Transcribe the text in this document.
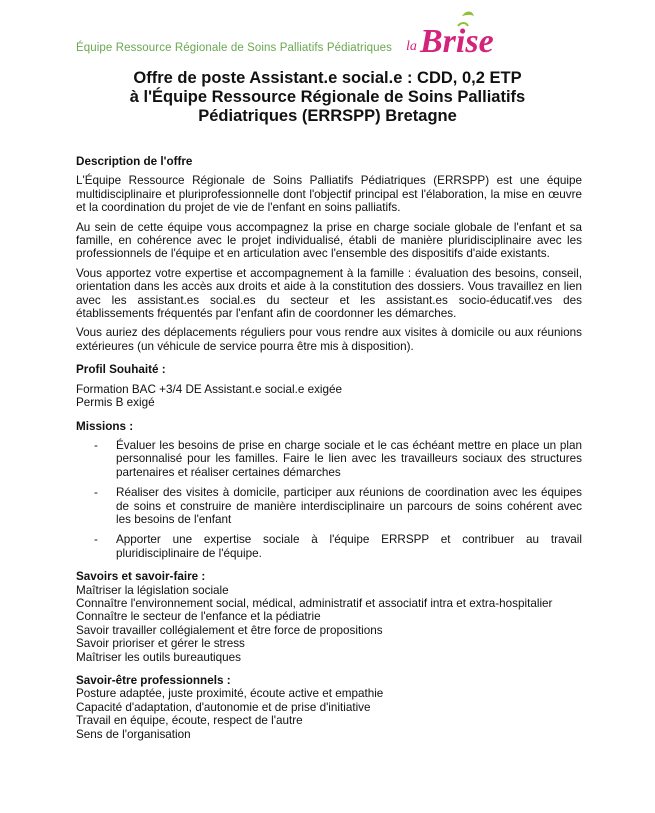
Équipe Ressource Régionale de Soins Palliatifs Pédiatriques la Brise
Offre de poste Assistant.e social.e : CDD, 0,2 ETP
à l'Équipe Ressource Régionale de Soins Palliatifs
Pédiatriques (ERRSPP) Bretagne
Description de l'offre

L'Équipe Ressource Régionale de Soins Palliatifs Pédiatriques (ERRSPP) est une équipe multidisciplinaire et pluriprofessionnelle dont l'objectif principal est l'élaboration, la mise en œuvre et la coordination du projet de vie de l'enfant en soins palliatifs.

Au sein de cette équipe vous accompagnez la prise en charge sociale globale de l'enfant et sa famille, en cohérence avec le projet individualisé, établi de manière pluridisciplinaire avec les professionnels de l'équipe et en articulation avec l'ensemble des dispositifs d'aide existants.

Vous apportez votre expertise et accompagnement à la famille : évaluation des besoins, conseil, orientation dans les accès aux droits et aide à la constitution des dossiers. Vous travaillez en lien avec les assistant.es social.es du secteur et les assistant.es socio-éducatif.ves des établissements fréquentés par l'enfant afin de coordonner les démarches.

Vous auriez des déplacements réguliers pour vous rendre aux visites à domicile ou aux réunions extérieures (un véhicule de service pourra être mis à disposition).

Profil Souhaité :
Formation BAC +3/4 DE Assistant.e social.e exigée
Permis B exigé
Missions :
- Évaluer les besoins de prise en charge sociale et le cas échéant mettre en place un plan personnalisé pour les familles. Faire le lien avec les travailleurs sociaux des structures partenaires et réaliser certaines démarches
- Réaliser des visites à domicile, participer aux réunions de coordination avec les équipes de soins et construire de manière interdisciplinaire un parcours de soins cohérent avec les besoins de l'enfant
- Apporter une expertise sociale à l'équipe ERRSPP et contribuer au travail pluridisciplinaire de l'équipe.
Savoirs et savoir-faire :
Maîtriser la législation sociale
Connaître l'environnement social, médical, administratif et associatif intra et extra-hospitalier
Connaître le secteur de l'enfance et la pédiatrie
Savoir travailler collégialement et être force de propositions
Savoir prioriser et gérer le stress
Maîtriser les outils bureautiques
Savoir-être professionnels :
Posture adaptée, juste proximité, écoute active et empathie
Capacité d'adaptation, d'autonomie et de prise d'initiative
Travail en équipe, écoute, respect de l'autre
Sens de l'organisation
